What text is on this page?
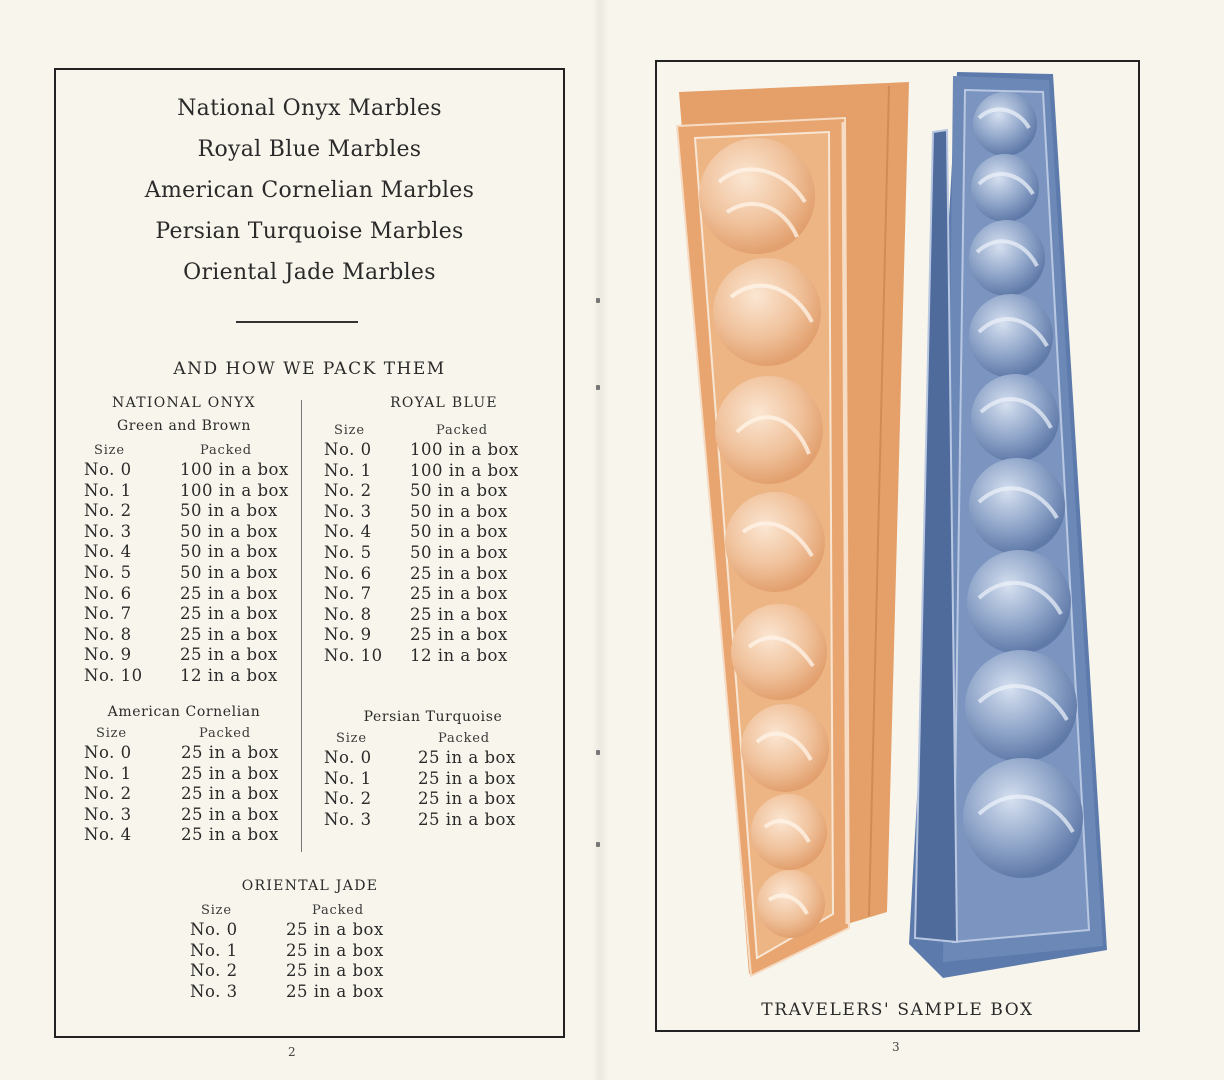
National Onyx Marbles
Royal Blue Marbles
American Cornelian Marbles
Persian Turquoise Marbles
Oriental Jade Marbles
AND HOW WE PACK THEM
NATIONAL ONYX
Green and Brown
Size	Packed
No. 0	100 in a box
No. 1	100 in a box
No. 2	50 in a box
No. 3	50 in a box
No. 4	50 in a box
No. 5	50 in a box
No. 6	25 in a box
No. 7	25 in a box
No. 8	25 in a box
No. 9	25 in a box
No. 10 12 in a box
ROYAL BLUE
Size	Packed
No. 0 100 in a box
No. 1 100 in a box
No. 2 50 in a box
No. 3 50 in a box
No. 4 50 in a box
No. 5 50 in a box
No. 6 25 in a box
No. 7 25 in a box
No. 8 25 in a box
No. 9 25 in a box
No. 10 12 in a box
American Cornelian
Size	Packed
No. 0	25 in a box
No. 1	25 in a box
No. 2	25 in a box
No. 3	25 in a box
No. 4	25 in a box
Persian Turquoise
Size	Packed
No. 0	25 in a box
No. 1	25 in a box
No. 2	25 in a box
No. 3	25 in a box
ORIENTAL JADE
Size	Packed
No. 0	25 in a box
No. 1	25 in a box
No. 2	25 in a box
No. 3	25 in a box
2
TRAVELERS' SAMPLE BOX
3
